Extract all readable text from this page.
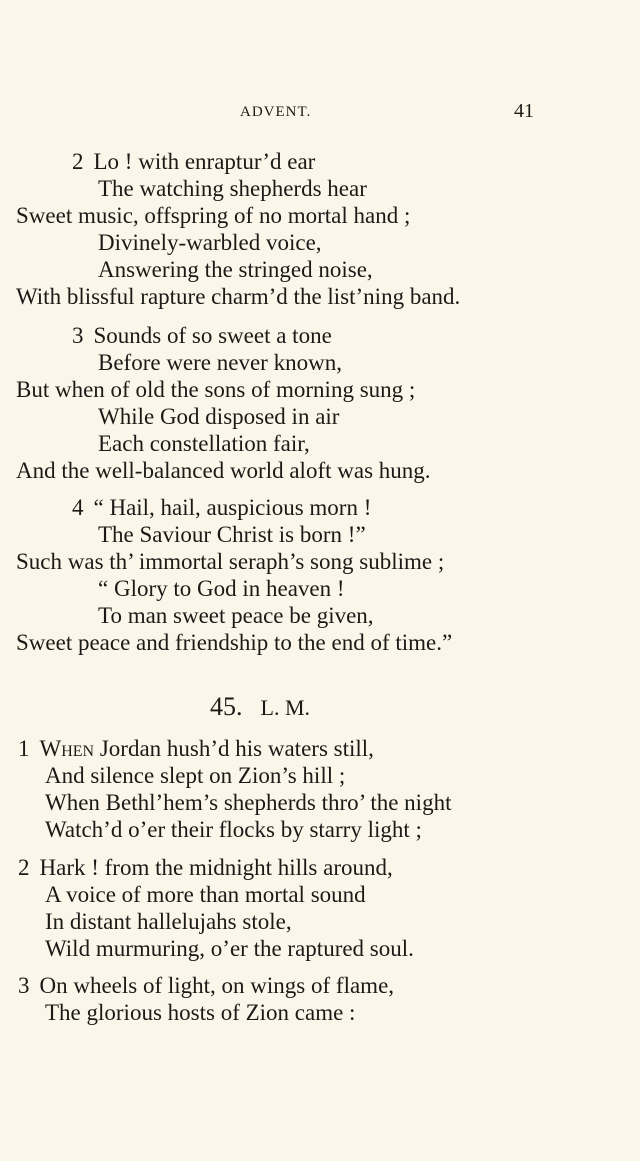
ADVENT.	41
2 Lo ! with enraptur’d ear
The watching shepherds hear
Sweet music, offspring of no mortal hand ;
Divinely-warbled voice,
Answering the stringed noise,
With blissful rapture charm’d the list’ning band.
3 Sounds of so sweet a tone
Before were never known,
But when of old the sons of morning sung ;
While God disposed in air
Each constellation fair,
And the well-balanced world aloft was hung.
4 “ Hail, hail, auspicious morn !
The Saviour Christ is born !”
Such was th’ immortal seraph’s song sublime ;
“ Glory to God in heaven !
To man sweet peace be given,
Sweet peace and friendship to the end of time.”
45. L. M.
1 When Jordan hush’d his waters still,
And silence slept on Zion’s hill ;
When Bethl’hem’s shepherds thro’ the night
Watch’d o’er their flocks by starry light ;
2 Hark ! from the midnight hills around,
A voice of more than mortal sound
In distant hallelujahs stole,
Wild murmuring, o’er the raptured soul.
3 On wheels of light, on wings of flame,
The glorious hosts of Zion came :
